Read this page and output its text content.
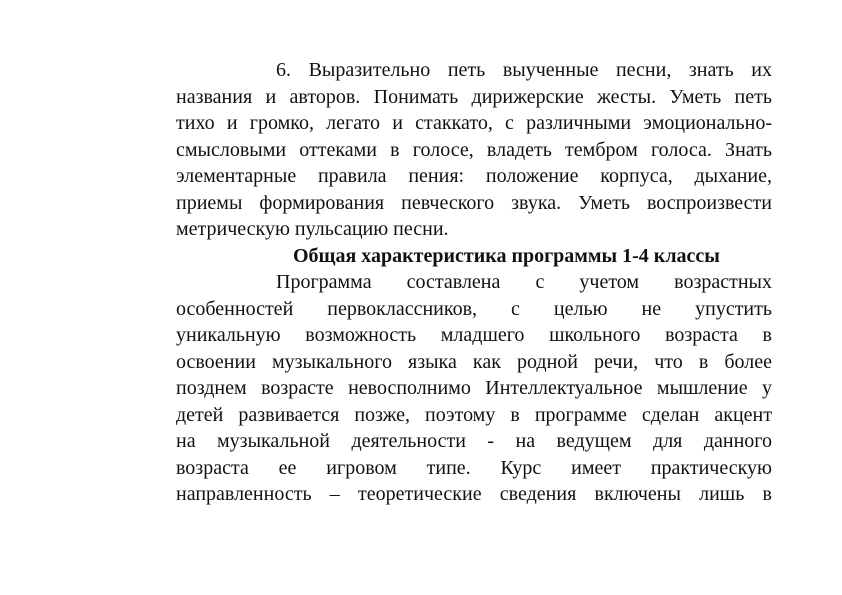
6. Выразительно петь выученные песни, знать их
названия и авторов. Понимать дирижерские жесты. Уметь петь
тихо и громко, легато и стаккато, с различными эмоционально-
смысловыми оттеками в голосе, владеть тембром голоса. Знать
элементарные правила пения: положение корпуса, дыхание,
приемы формирования певческого звука. Уметь воспроизвести
метрическую пульсацию песни.
Общая характеристика программы 1-4 классы
Программа составлена с учетом возрастных
особенностей первоклассников, с целью не упустить
уникальную возможность младшего школьного возраста в
освоении музыкального языка как родной речи, что в более
позднем возрасте невосполнимо Интеллектуальное мышление у
детей развивается позже, поэтому в программе сделан акцент
на музыкальной деятельности - на ведущем для данного
возраста ее игровом типе. Курс имеет практическую
направленность – теоретические сведения включены лишь в
